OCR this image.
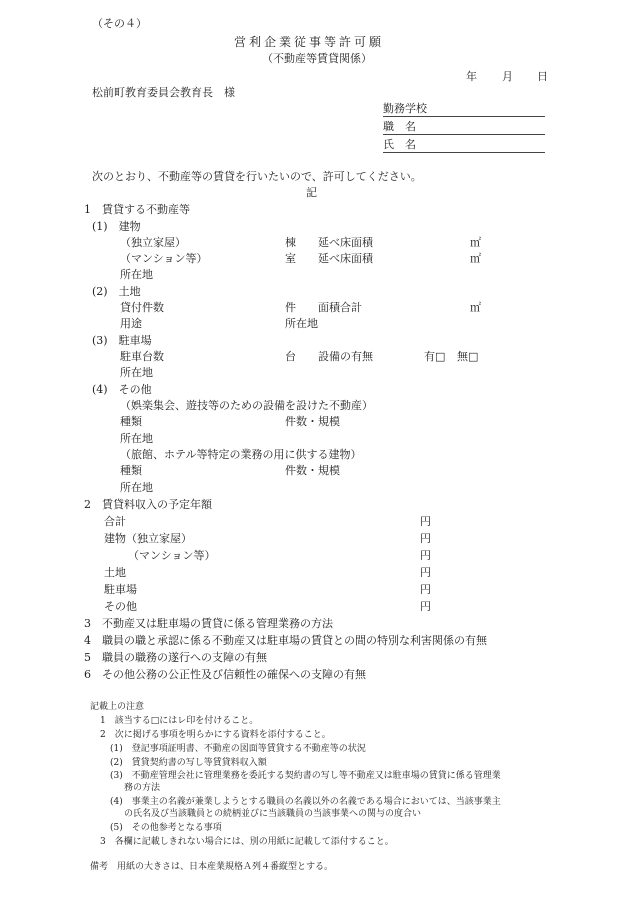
（その４）
営利企業従事等許可願
（不動産等賃貸関係）
年 月 日
松前町教育委員会教育長　様
勤務学校
職　名
氏　名
次のとおり、不動産等の賃貸を行いたいので、許可してください。
記
1　賃貸する不動産等
(1)　建物
（独立家屋）	棟 延べ床面積	㎡
（マンション等）	室 延べ床面積	㎡
所在地
(2)　土地
貸付件数	件 面積合計	㎡
用途	所在地
(3)　駐車場
駐車台数	台 設備の有無	有□ 無□
所在地
(4)　その他
（娯楽集会、遊技等のための設備を設けた不動産）
種類	件数・規模
所在地
（旅館、ホテル等特定の業務の用に供する建物）
種類	件数・規模
所在地
2　賃貸料収入の予定年額
合計	円
建物（独立家屋）	円
（マンション等）	円
土地	円
駐車場	円
その他	円
3　不動産又は駐車場の賃貸に係る管理業務の方法
4　職員の職と承認に係る不動産又は駐車場の賃貸との間の特別な利害関係の有無
5　職員の職務の遂行への支障の有無
6　その他公務の公正性及び信頼性の確保への支障の有無
記載上の注意
1　該当する□にはレ印を付けること。
2　次に掲げる事項を明らかにする資料を添付すること。
(1)　登記事項証明書、不動産の図面等賃貸する不動産等の状況
(2)　賃貸契約書の写し等賃貸料収入額
(3)　不動産管理会社に管理業務を委託する契約書の写し等不動産又は駐車場の賃貸に係る管理業
務の方法
(4)　事業主の名義が兼業しようとする職員の名義以外の名義である場合においては、当該事業主
の氏名及び当該職員との続柄並びに当該職員の当該事業への関与の度合い
(5)　その他参考となる事項
3　各欄に記載しきれない場合には、別の用紙に記載して添付すること。
備考　用紙の大きさは、日本産業規格Ａ列４番縦型とする。
